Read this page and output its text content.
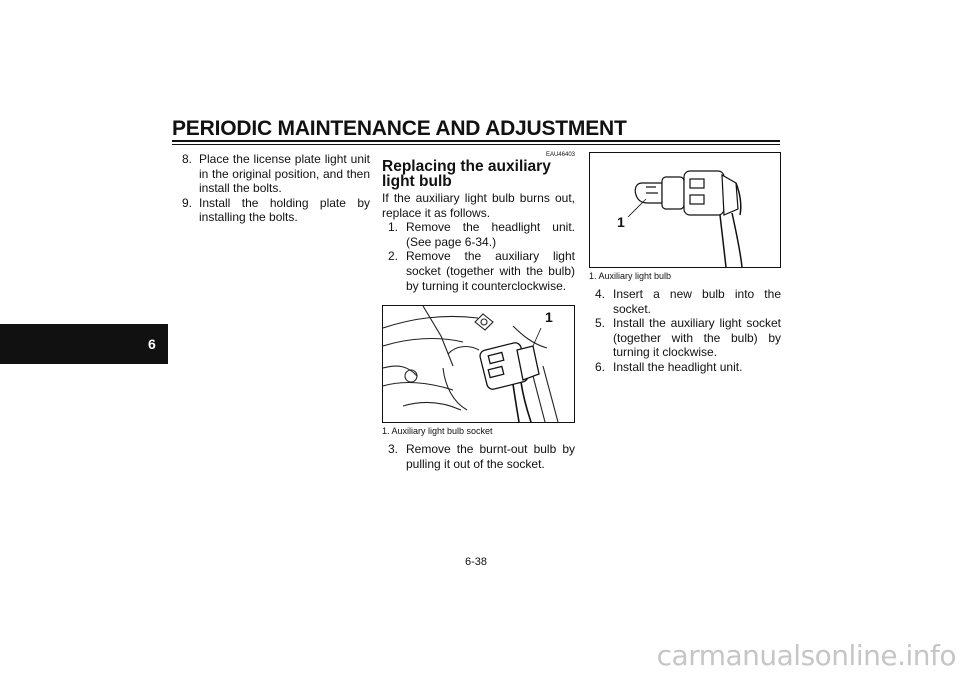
PERIODIC MAINTENANCE AND ADJUSTMENT
6

8. Place the license plate light unit in the original position, and then install the bolts.

9. Install the holding plate by installing the bolts.

EAU46403

Replacing the auxiliary light bulb

If the auxiliary light bulb burns out, replace it as follows.

1. Remove the headlight unit. (See page 6-34.)

2. Remove the auxiliary light socket (together with the bulb) by turning it counterclockwise.

1

1. Auxiliary light bulb socket

3. Remove the burnt-out bulb by pulling it out of the socket.

1

1. Auxiliary light bulb

4. Insert a new bulb into the socket.

5. Install the auxiliary light socket (together with the bulb) by turning it clockwise.

6. Install the headlight unit.

6-38
carmanualsonline.info
